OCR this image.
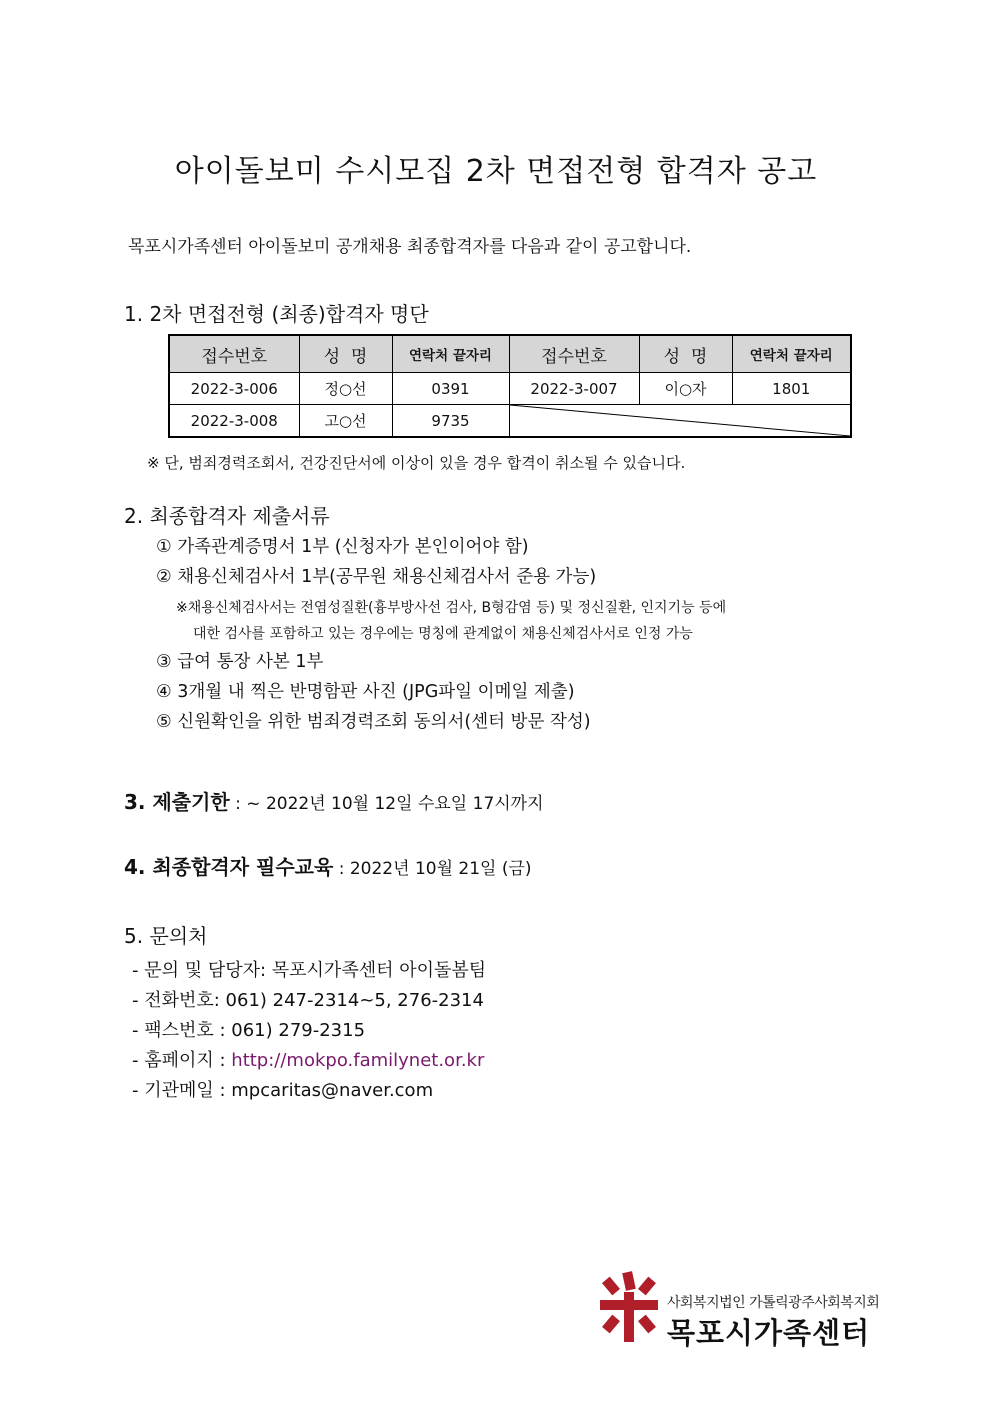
아이돌보미 수시모집 2차 면접전형 합격자 공고
목포시가족센터 아이돌보미 공개채용 최종합격자를 다음과 같이 공고합니다.
1. 2차 면접전형 (최종)합격자 명단
접수번호	성  명	연락처 끝자리	접수번호	성  명	연락처 끝자리
2022-3-006	정○선	0391	2022-3-007	이○자	1801
2022-3-008	고○선	9735	
※ 단, 범죄경력조회서, 건강진단서에 이상이 있을 경우 합격이 취소될 수 있습니다.
2. 최종합격자 제출서류
① 가족관계증명서 1부 (신청자가 본인이어야 함)
② 채용신체검사서 1부(공무원 채용신체검사서 준용 가능)
※채용신체검사서는 전염성질환(흉부방사선 검사, B형감염 등) 및 정신질환, 인지기능 등에
대한 검사를 포함하고 있는 경우에는 명칭에 관계없이 채용신체검사서로 인정 가능
③ 급여 통장 사본 1부
④ 3개월 내 찍은 반명함판 사진 (JPG파일 이메일 제출)
⑤ 신원확인을 위한 범죄경력조회 동의서(센터 방문 작성)
3. 제출기한 : ~ 2022년 10월 12일 수요일 17시까지
4. 최종합격자 필수교육 : 2022년 10월 21일 (금)
5. 문의처
- 문의 및 담당자: 목포시가족센터 아이돌봄팀
- 전화번호: 061) 247-2314~5, 276-2314
- 팩스번호 : 061) 279-2315
- 홈페이지 : http://mokpo.familynet.or.kr
- 기관메일 : mpcaritas@naver.com
사회복지법인 가톨릭광주사회복지회
목포시가족센터
